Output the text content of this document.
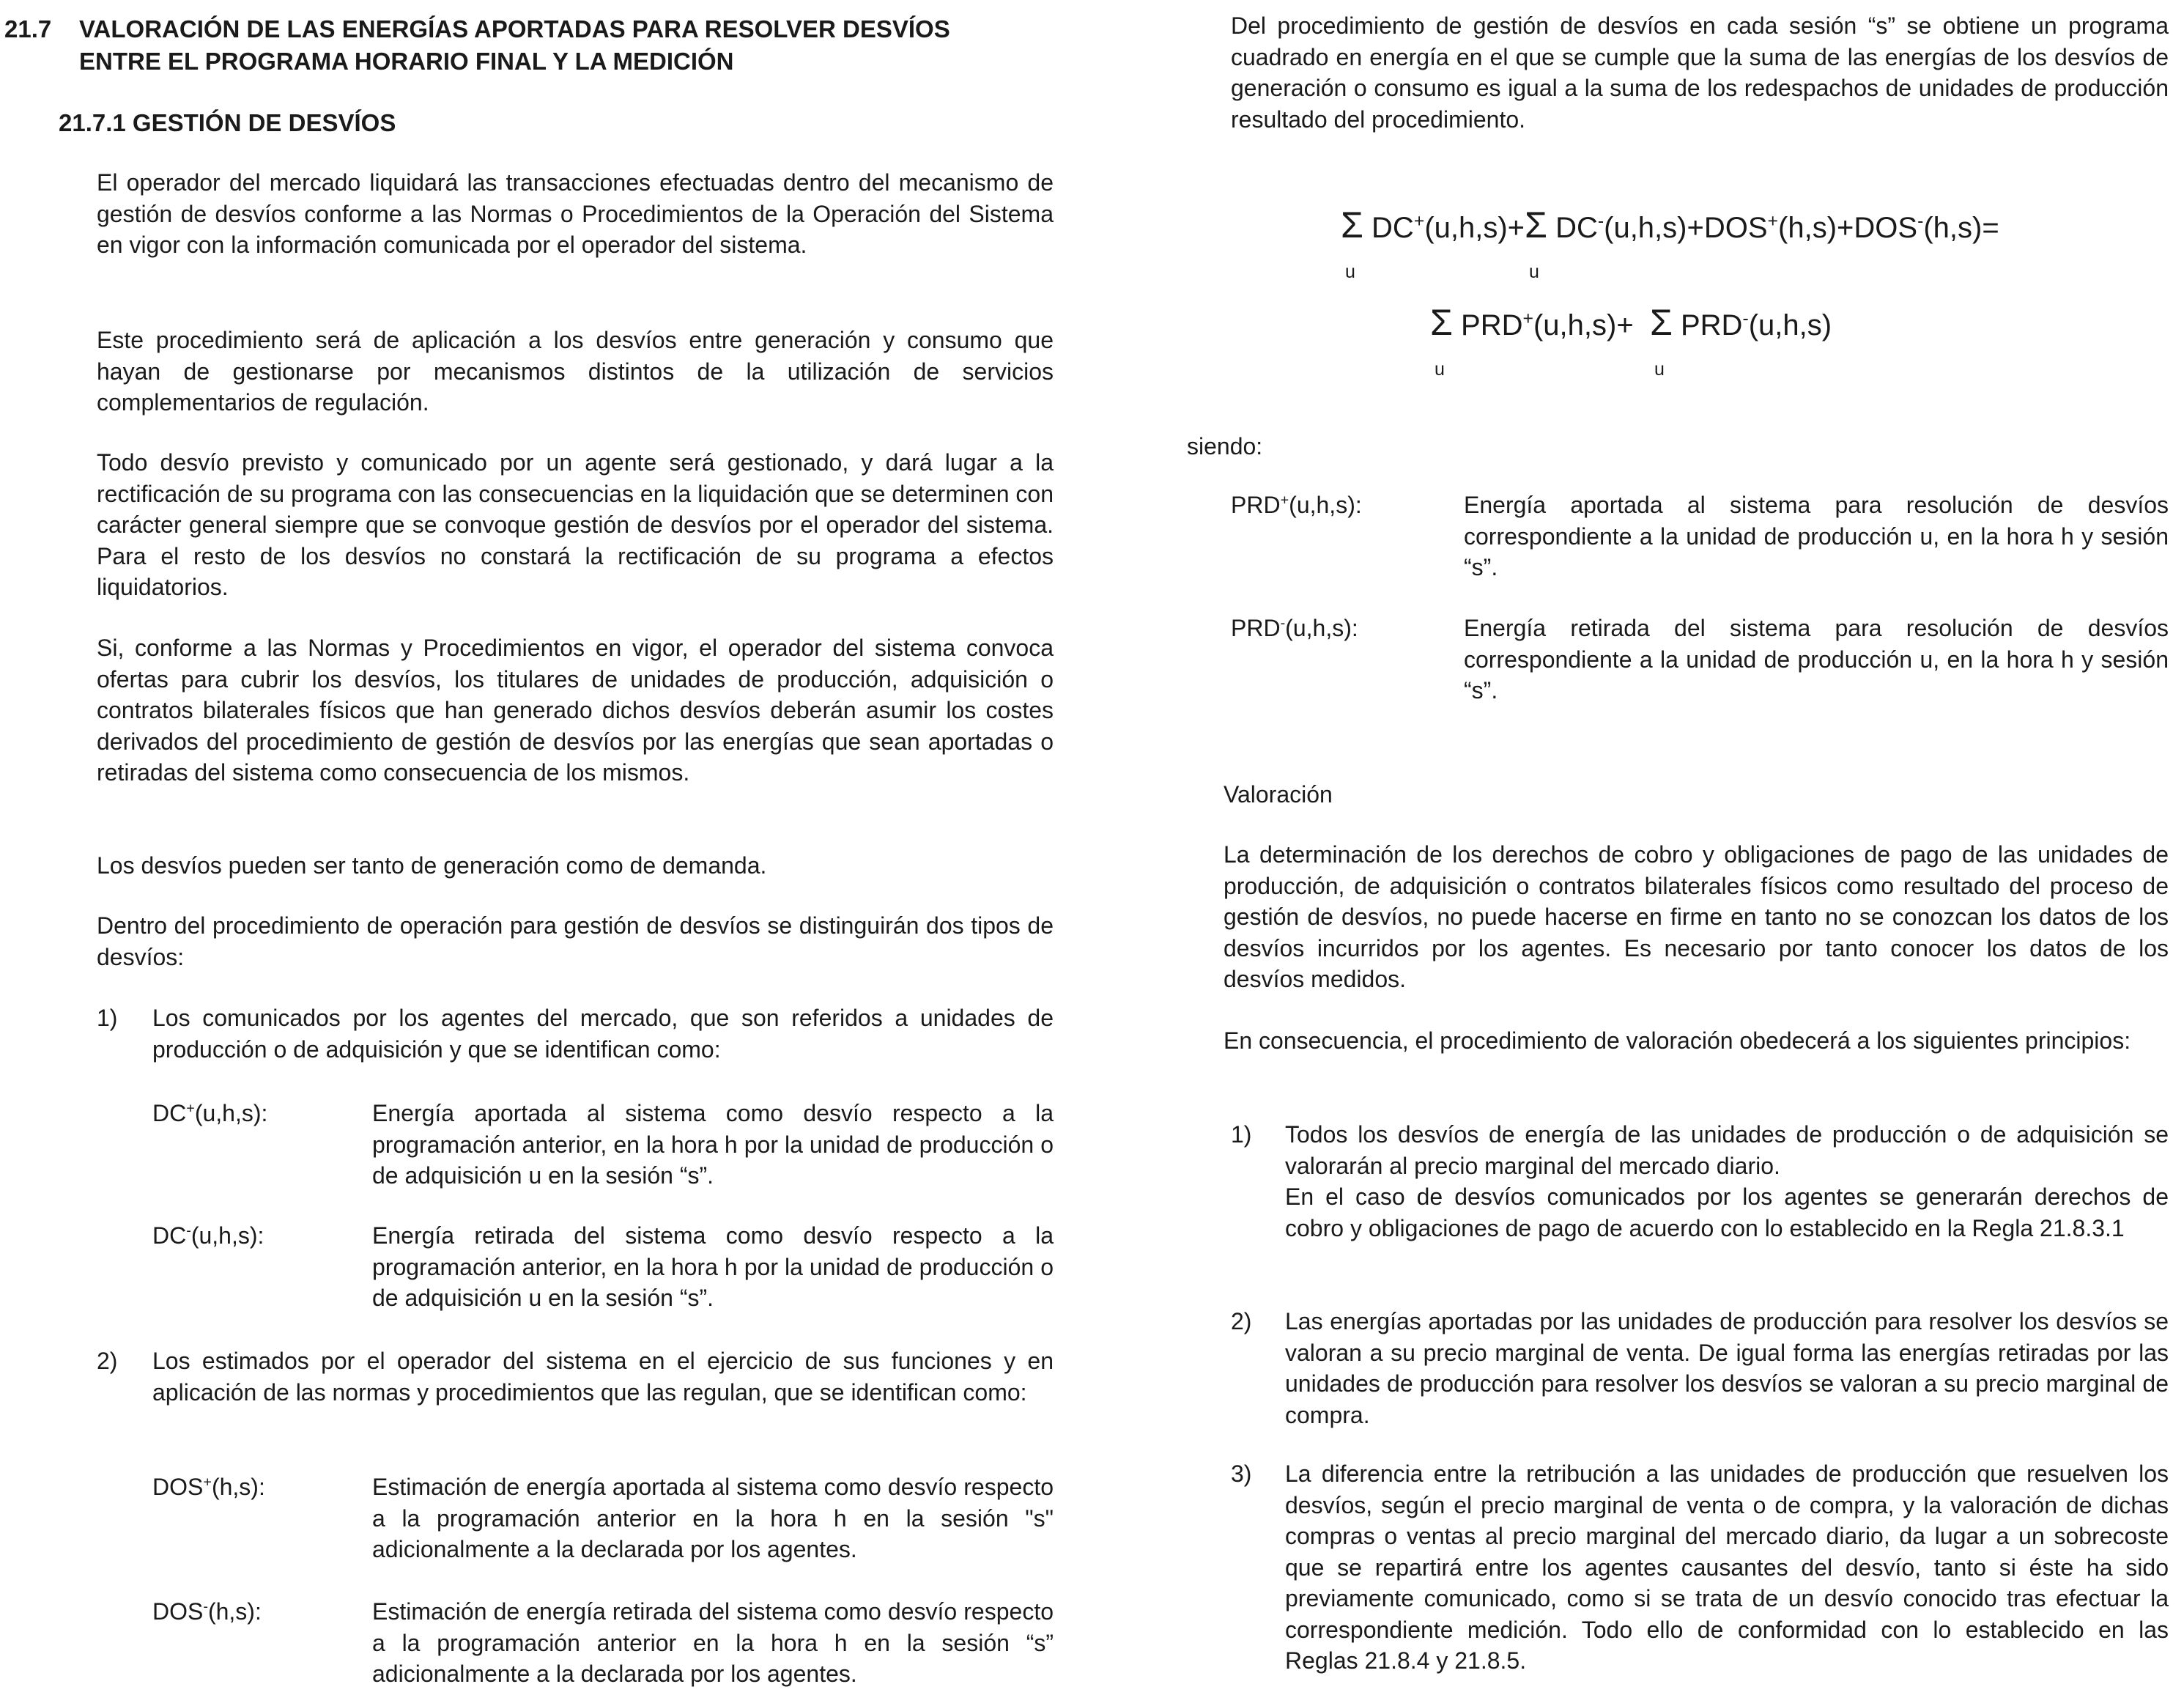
21.7 VALORACIÓN DE LAS ENERGÍAS APORTADAS PARA RESOLVER DESVÍOS
ENTRE EL PROGRAMA HORARIO FINAL Y LA MEDICIÓN
21.7.1 GESTIÓN DE DESVÍOS
El operador del mercado liquidará las transacciones efectuadas dentro del mecanismo de gestión de desvíos conforme a las Normas o Procedimientos de la Operación del Sistema en vigor con la información comunicada por el operador del sistema.
Este procedimiento será de aplicación a los desvíos entre generación y consumo que hayan de gestionarse por mecanismos distintos de la utilización de servicios complementarios de regulación.
Todo desvío previsto y comunicado por un agente será gestionado, y dará lugar a la rectificación de su programa con las consecuencias en la liquidación que se determinen con carácter general siempre que se convoque gestión de desvíos por el operador del sistema. Para el resto de los desvíos no constará la rectificación de su programa a efectos liquidatorios.
Si, conforme a las Normas y Procedimientos en vigor, el operador del sistema convoca ofertas para cubrir los desvíos, los titulares de unidades de producción, adquisición o contratos bilaterales físicos que han generado dichos desvíos deberán asumir los costes derivados del procedimiento de gestión de desvíos por las energías que sean aportadas o retiradas del sistema como consecuencia de los mismos.
Los desvíos pueden ser tanto de generación como de demanda.
Dentro del procedimiento de operación para gestión de desvíos se distinguirán dos tipos de desvíos:
1) Los comunicados por los agentes del mercado, que son referidos a unidades de producción o de adquisición y que se identifican como:
DC+(u,h,s):	Energía aportada al sistema como desvío respecto a la programación anterior, en la hora h por la unidad de producción o de adquisición u en la sesión “s”.
DC-(u,h,s):	Energía retirada del sistema como desvío respecto a la programación anterior, en la hora h por la unidad de producción o de adquisición u en la sesión “s”.
2) Los estimados por el operador del sistema en el ejercicio de sus funciones y en aplicación de las normas y procedimientos que las regulan, que se identifican como:
DOS+(h,s):	Estimación de energía aportada al sistema como desvío respecto a la programación anterior en la hora h en la sesión "s" adicionalmente a la declarada por los agentes.
DOS-(h,s):	Estimación de energía retirada del sistema como desvío respecto a la programación anterior en la hora h en la sesión “s” adicionalmente a la declarada por los agentes.
Del procedimiento de gestión de desvíos en cada sesión “s” se obtiene un programa cuadrado en energía en el que se cumple que la suma de las energías de los desvíos de generación o consumo es igual a la suma de los redespachos de unidades de producción resultado del procedimiento.
Σ
u
DC+(u,h,s)+Σ
u
DC-(u,h,s)+DOS+(h,s)+DOS-(h,s)=
Σ
u
PRD+(u,h,s)+ Σ
u
PRD-(u,h,s)
siendo:
PRD+(u,h,s):	Energía aportada al sistema para resolución de desvíos correspondiente a la unidad de producción u, en la hora h y sesión “s”.
PRD-(u,h,s):	Energía retirada del sistema para resolución de desvíos correspondiente a la unidad de producción u, en la hora h y sesión “s”.
Valoración
La determinación de los derechos de cobro y obligaciones de pago de las unidades de producción, de adquisición o contratos bilaterales físicos como resultado del proceso de gestión de desvíos, no puede hacerse en firme en tanto no se conozcan los datos de los desvíos incurridos por los agentes. Es necesario por tanto conocer los datos de los desvíos medidos.
En consecuencia, el procedimiento de valoración obedecerá a los siguientes principios:
1) Todos los desvíos de energía de las unidades de producción o de adquisición se valorarán al precio marginal del mercado diario.
En el caso de desvíos comunicados por los agentes se generarán derechos de cobro y obligaciones de pago de acuerdo con lo establecido en la Regla 21.8.3.1
2) Las energías aportadas por las unidades de producción para resolver los desvíos se valoran a su precio marginal de venta. De igual forma las energías retiradas por las unidades de producción para resolver los desvíos se valoran a su precio marginal de compra.
3) La diferencia entre la retribución a las unidades de producción que resuelven los desvíos, según el precio marginal de venta o de compra, y la valoración de dichas compras o ventas al precio marginal del mercado diario, da lugar a un sobrecoste que se repartirá entre los agentes causantes del desvío, tanto si éste ha sido previamente comunicado, como si se trata de un desvío conocido tras efectuar la correspondiente medición. Todo ello de conformidad con lo establecido en las Reglas 21.8.4 y 21.8.5.
